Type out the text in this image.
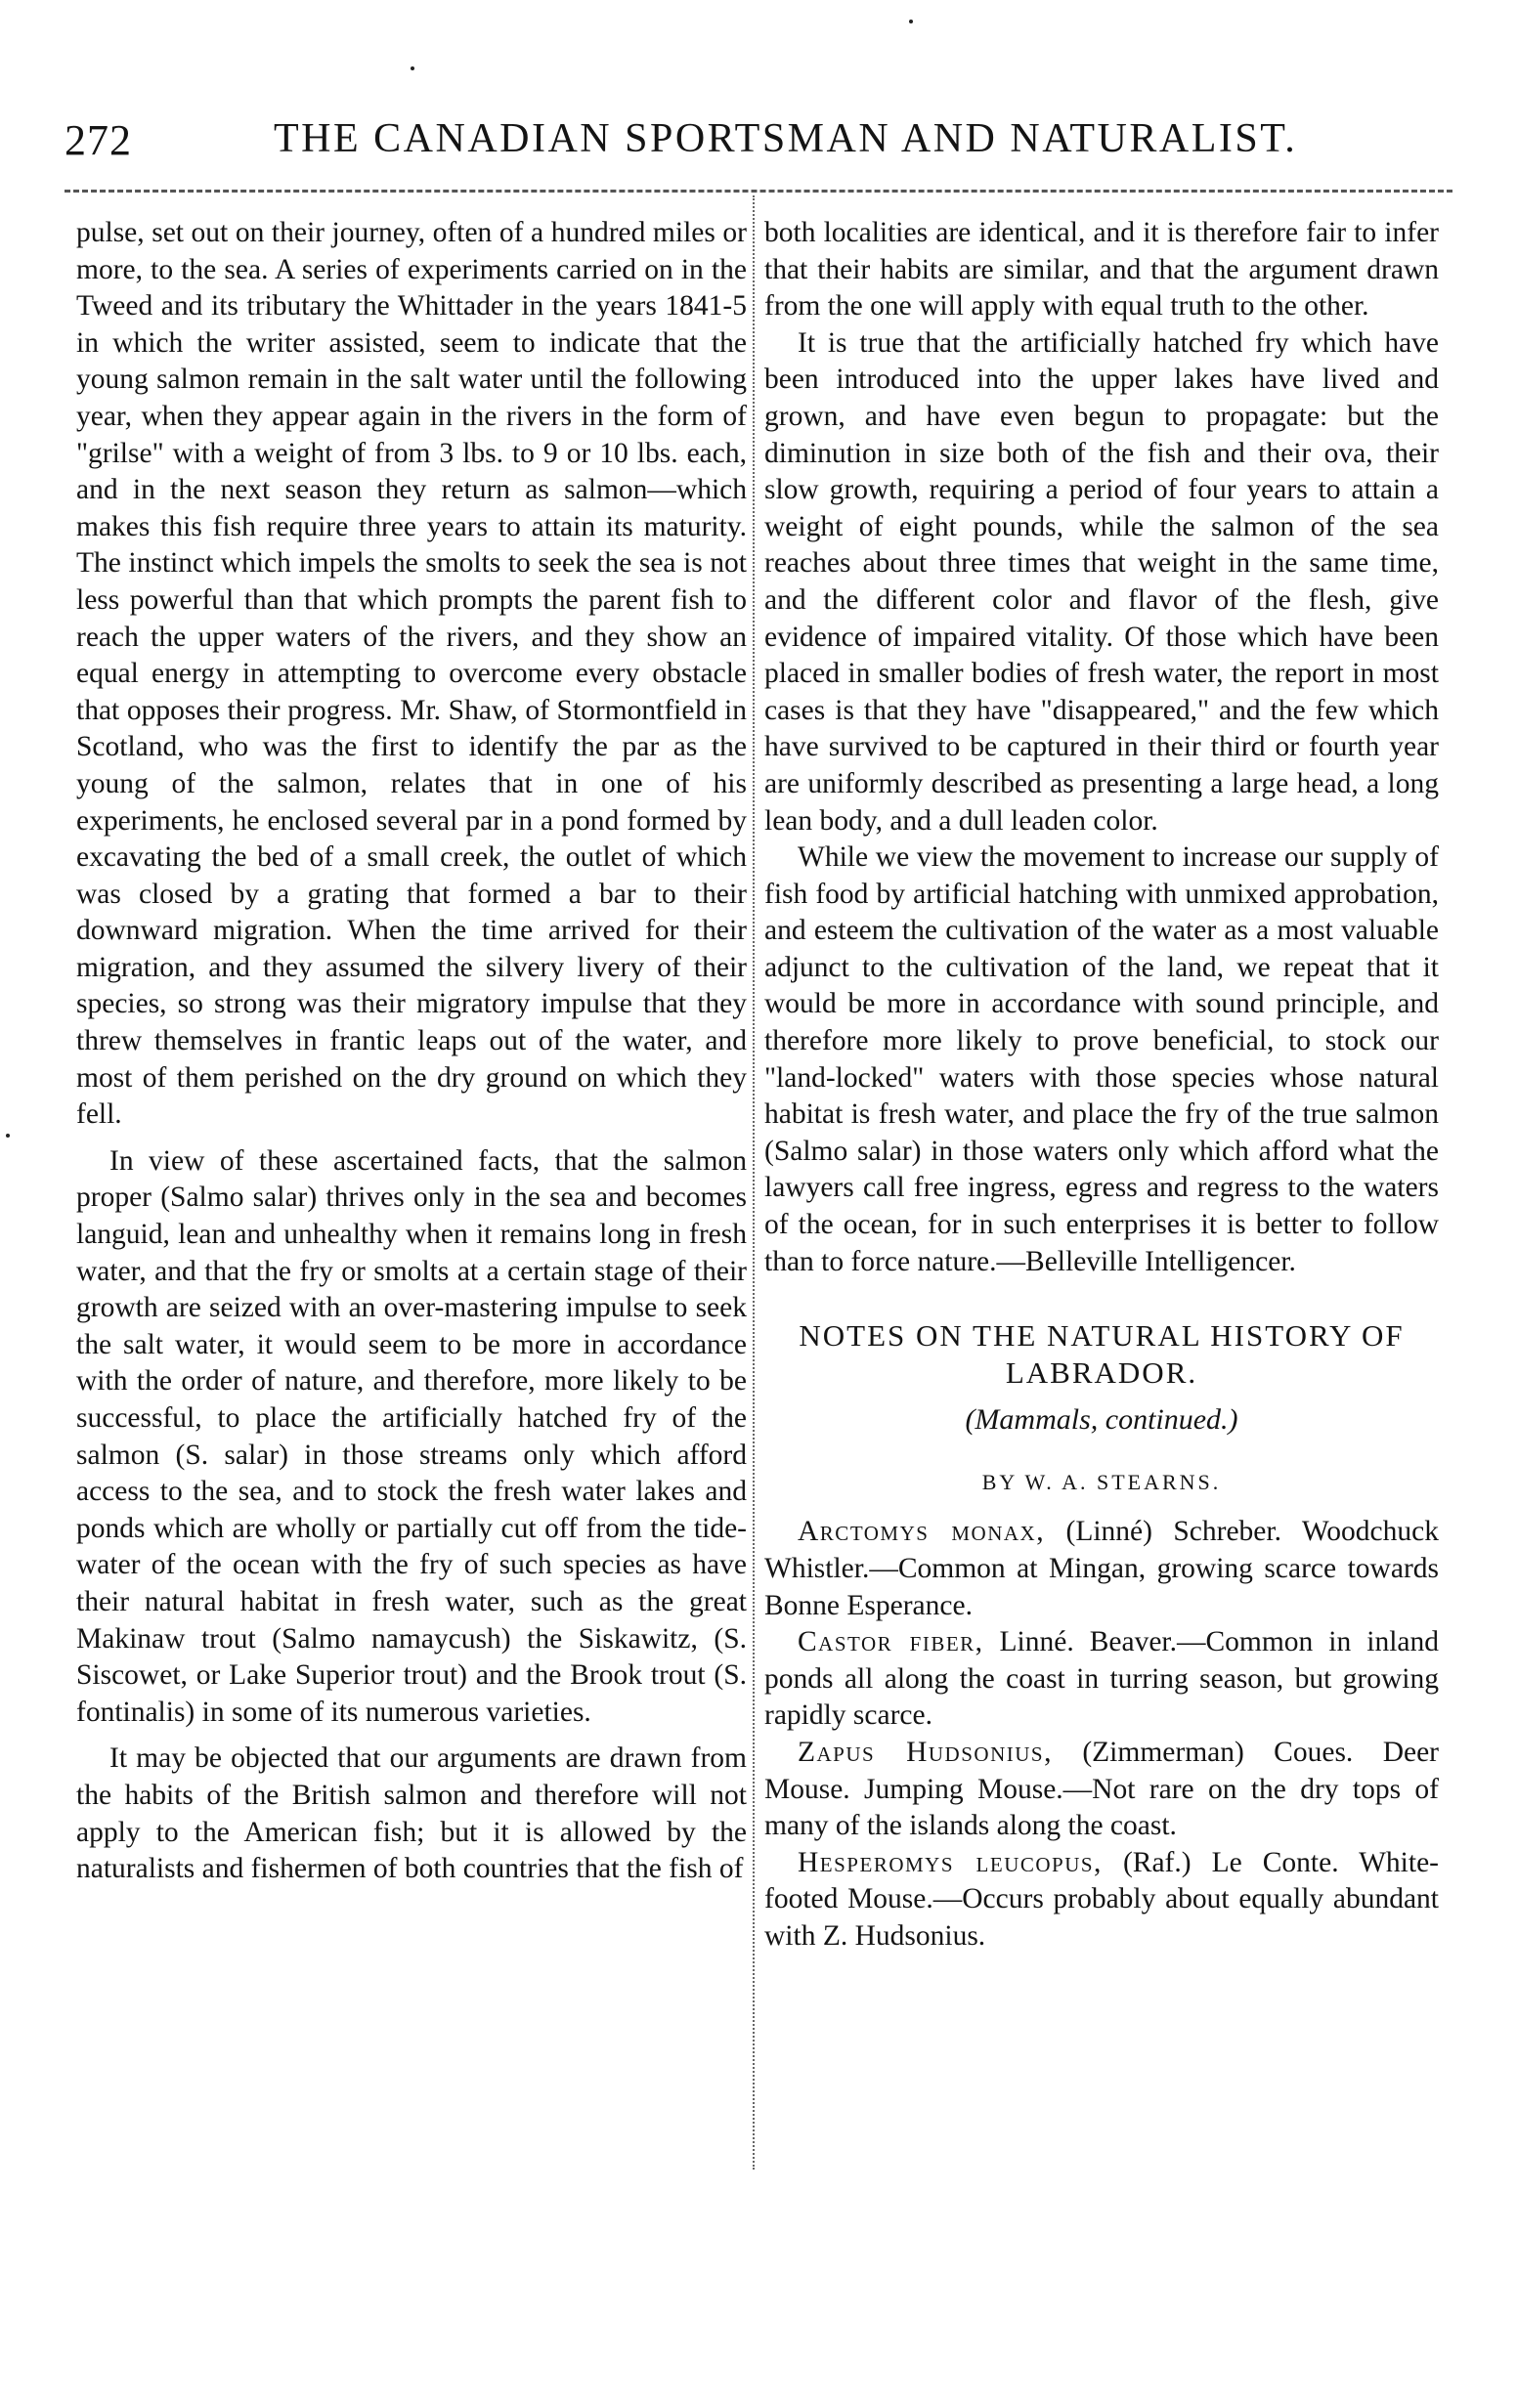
272	THE CANADIAN SPORTSMAN AND NATURALIST.

pulse, set out on their journey, often of a hundred miles or more, to the sea. A series of experiments carried on in the Tweed and its tributary the Whittader in the years 1841-5 in which the writer assisted, seem to indicate that the young salmon remain in the salt water until the following year, when they appear again in the rivers in the form of "grilse" with a weight of from 3 lbs. to 9 or 10 lbs. each, and in the next season they return as salmon—which makes this fish require three years to attain its maturity. The instinct which impels the smolts to seek the sea is not less powerful than that which prompts the parent fish to reach the upper waters of the rivers, and they show an equal energy in attempting to overcome every obstacle that opposes their progress. Mr. Shaw, of Stormontfield in Scotland, who was the first to identify the par as the young of the salmon, relates that in one of his experiments, he enclosed several par in a pond formed by excavating the bed of a small creek, the outlet of which was closed by a grating that formed a bar to their downward migration. When the time arrived for their migration, and they assumed the silvery livery of their species, so strong was their migratory impulse that they threw themselves in frantic leaps out of the water, and most of them perished on the dry ground on which they fell.

In view of these ascertained facts, that the salmon proper (Salmo salar) thrives only in the sea and becomes languid, lean and unhealthy when it remains long in fresh water, and that the fry or smolts at a certain stage of their growth are seized with an over-mastering impulse to seek the salt water, it would seem to be more in accordance with the order of nature, and therefore, more likely to be successful, to place the artificially hatched fry of the salmon (S. salar) in those streams only which afford access to the sea, and to stock the fresh water lakes and ponds which are wholly or partially cut off from the tide-water of the ocean with the fry of such species as have their natural habitat in fresh water, such as the great Makinaw trout (Salmo namaycush) the Siskawitz, (S. Siscowet, or Lake Superior trout) and the Brook trout (S. fontinalis) in some of its numerous varieties.

It may be objected that our arguments are drawn from the habits of the British salmon and therefore will not apply to the American fish; but it is allowed by the naturalists and fishermen of both countries that the fish of

both localities are identical, and it is therefore fair to infer that their habits are similar, and that the argument drawn from the one will apply with equal truth to the other.

It is true that the artificially hatched fry which have been introduced into the upper lakes have lived and grown, and have even begun to propagate: but the diminution in size both of the fish and their ova, their slow growth, requiring a period of four years to attain a weight of eight pounds, while the salmon of the sea reaches about three times that weight in the same time, and the different color and flavor of the flesh, give evidence of impaired vitality. Of those which have been placed in smaller bodies of fresh water, the report in most cases is that they have "disappeared," and the few which have survived to be captured in their third or fourth year are uniformly described as presenting a large head, a long lean body, and a dull leaden color.

While we view the movement to increase our supply of fish food by artificial hatching with unmixed approbation, and esteem the cultivation of the water as a most valuable adjunct to the cultivation of the land, we repeat that it would be more in accordance with sound principle, and therefore more likely to prove beneficial, to stock our "land-locked" waters with those species whose natural habitat is fresh water, and place the fry of the true salmon (Salmo salar) in those waters only which afford what the lawyers call free ingress, egress and regress to the waters of the ocean, for in such enterprises it is better to follow than to force nature.—Belleville Intelligencer.

NOTES ON THE NATURAL HISTORY OF LABRADOR.
(Mammals, continued.)
BY W. A. STEARNS.

Arctomys monax, (Linné) Schreber. Woodchuck Whistler.—Common at Mingan, growing scarce towards Bonne Esperance.

Castor fiber, Linné. Beaver.—Common in inland ponds all along the coast in turring season, but growing rapidly scarce.

Zapus Hudsonius, (Zimmerman) Coues. Deer Mouse. Jumping Mouse.—Not rare on the dry tops of many of the islands along the coast.

Hesperomys leucopus, (Raf.) Le Conte. White-footed Mouse.—Occurs probably about equally abundant with Z. Hudsonius.
